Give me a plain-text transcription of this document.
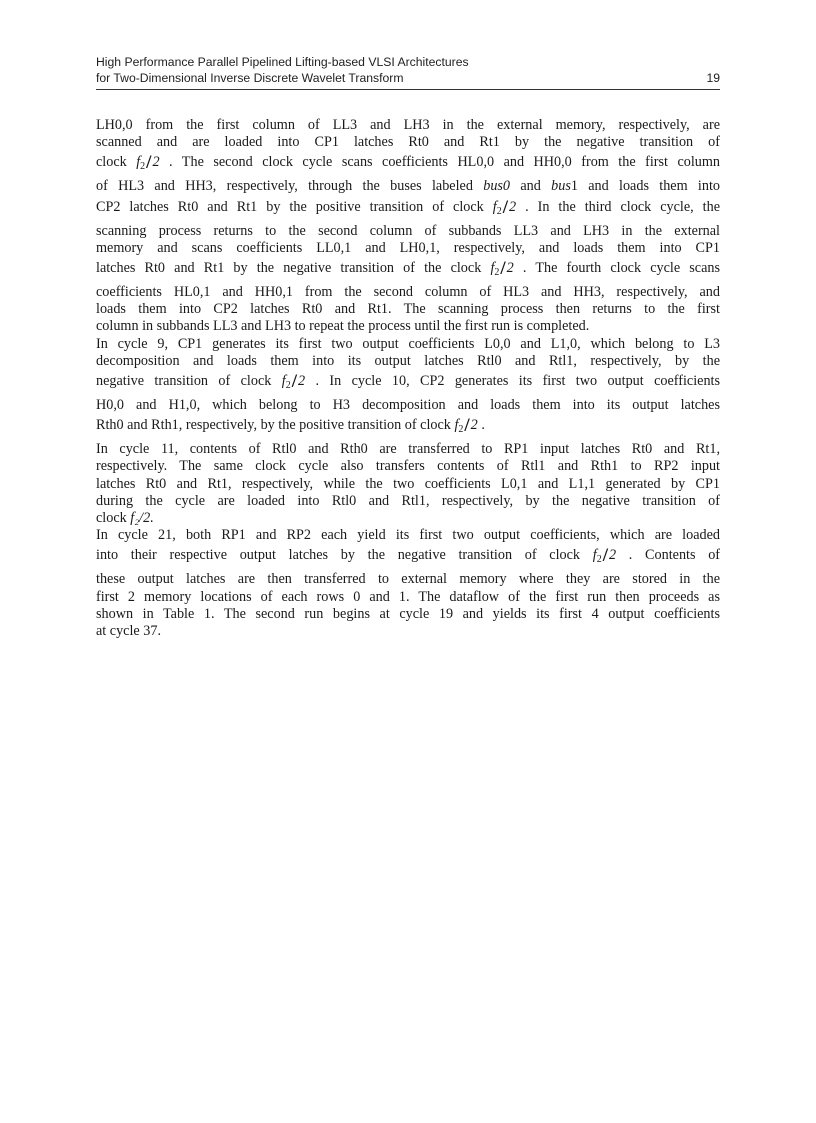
High Performance Parallel Pipelined Lifting-based VLSI Architectures
for Two-Dimensional Inverse Discrete Wavelet Transform	19
LH0,0 from the first column of LL3 and LH3 in the external memory, respectively, are
scanned and are loaded into CP1 latches Rt0 and Rt1 by the negative transition of
clock $f_2/2$ . The second clock cycle scans coefficients HL0,0 and HH0,0 from the first column
of HL3 and HH3, respectively, through the buses labeled bus0 and bus1 and loads them into
CP2 latches Rt0 and Rt1 by the positive transition of clock $f_2/2$ . In the third clock cycle, the
scanning process returns to the second column of subbands LL3 and LH3 in the external
memory and scans coefficients LL0,1 and LH0,1, respectively, and loads them into CP1
latches Rt0 and Rt1 by the negative transition of the clock $f_2/2$ . The fourth clock cycle scans
coefficients HL0,1 and HH0,1 from the second column of HL3 and HH3, respectively, and
loads them into CP2 latches Rt0 and Rt1. The scanning process then returns to the first
column in subbands LL3 and LH3 to repeat the process until the first run is completed.
In cycle 9, CP1 generates its first two output coefficients L0,0 and L1,0, which belong to L3
decomposition and loads them into its output latches Rtl0 and Rtl1, respectively, by the
negative transition of clock $f_2/2$ . In cycle 10, CP2 generates its first two output coefficients
H0,0 and H1,0, which belong to H3 decomposition and loads them into its output latches
Rth0 and Rth1, respectively, by the positive transition of clock $f_2/2$ .
In cycle 11, contents of Rtl0 and Rth0 are transferred to RP1 input latches Rt0 and Rt1,
respectively. The same clock cycle also transfers contents of Rtl1 and Rth1 to RP2 input
latches Rt0 and Rt1, respectively, while the two coefficients L0,1 and L1,1 generated by CP1
during the cycle are loaded into Rtl0 and Rtl1, respectively, by the negative transition of
clock f₂/2.
In cycle 21, both RP1 and RP2 each yield its first two output coefficients, which are loaded
into their respective output latches by the negative transition of clock $f_2/2$ . Contents of
these output latches are then transferred to external memory where they are stored in the
first 2 memory locations of each rows 0 and 1. The dataflow of the first run then proceeds as
shown in Table 1. The second run begins at cycle 19 and yields its first 4 output coefficients
at cycle 37.
